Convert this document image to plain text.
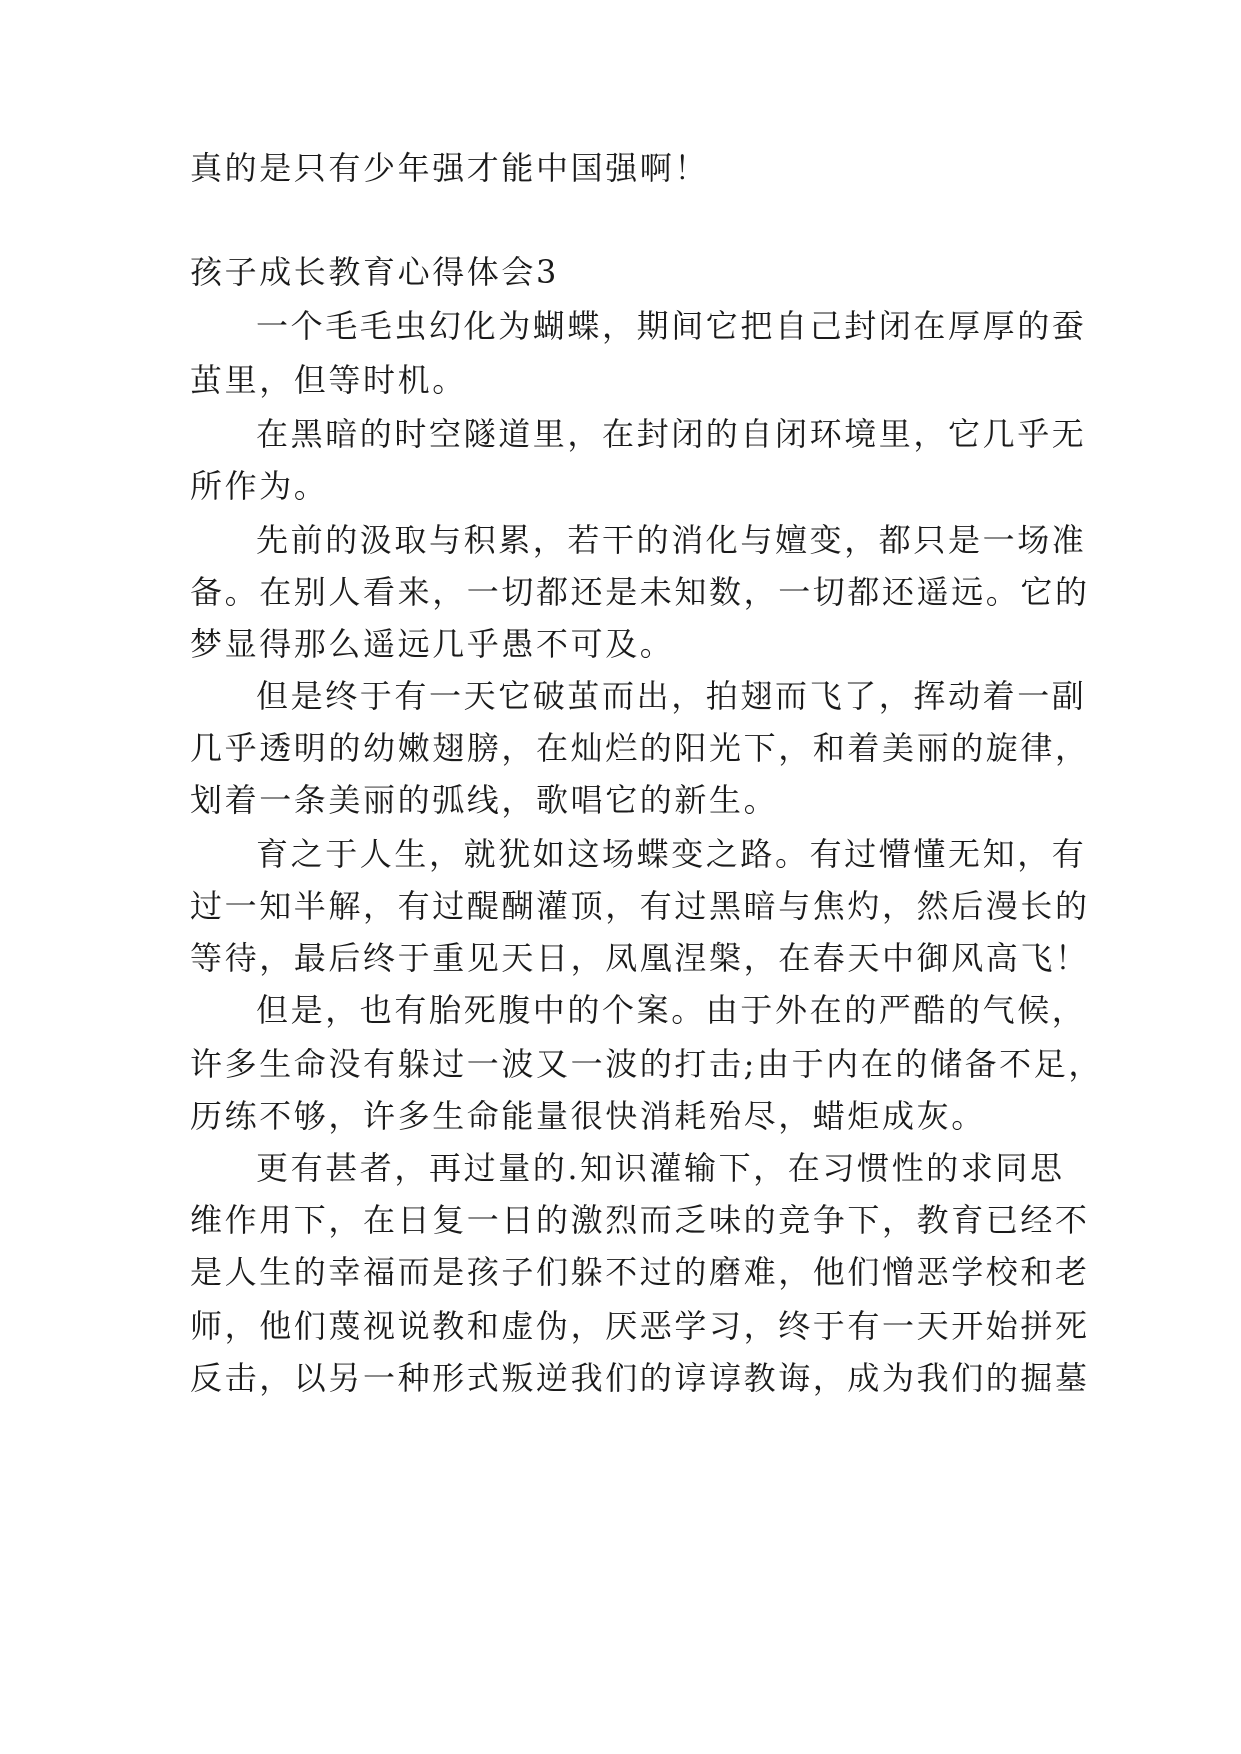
真的是只有少年强才能中国强啊！
孩子成长教育心得体会3
一个毛毛虫幻化为蝴蝶，期间它把自己封闭在厚厚的蚕
茧里，但等时机。
在黑暗的时空隧道里，在封闭的自闭环境里，它几乎无
所作为。
先前的汲取与积累，若干的消化与嬗变，都只是一场准
备。在别人看来，一切都还是未知数，一切都还遥远。它的
梦显得那么遥远几乎愚不可及。
但是终于有一天它破茧而出，拍翅而飞了，挥动着一副
几乎透明的幼嫩翅膀，在灿烂的阳光下，和着美丽的旋律，
划着一条美丽的弧线，歌唱它的新生。
育之于人生，就犹如这场蝶变之路。有过懵懂无知，有
过一知半解，有过醍醐灌顶，有过黑暗与焦灼，然后漫长的
等待，最后终于重见天日，凤凰涅槃，在春天中御风高飞！
但是，也有胎死腹中的个案。由于外在的严酷的气候，
许多生命没有躲过一波又一波的打击;由于内在的储备不足，
历练不够，许多生命能量很快消耗殆尽，蜡炬成灰。
更有甚者，再过量的.知识灌输下，在习惯性的求同思
维作用下，在日复一日的激烈而乏味的竞争下，教育已经不
是人生的幸福而是孩子们躲不过的磨难，他们憎恶学校和老
师，他们蔑视说教和虚伪，厌恶学习，终于有一天开始拼死
反击，以另一种形式叛逆我们的谆谆教诲，成为我们的掘墓
